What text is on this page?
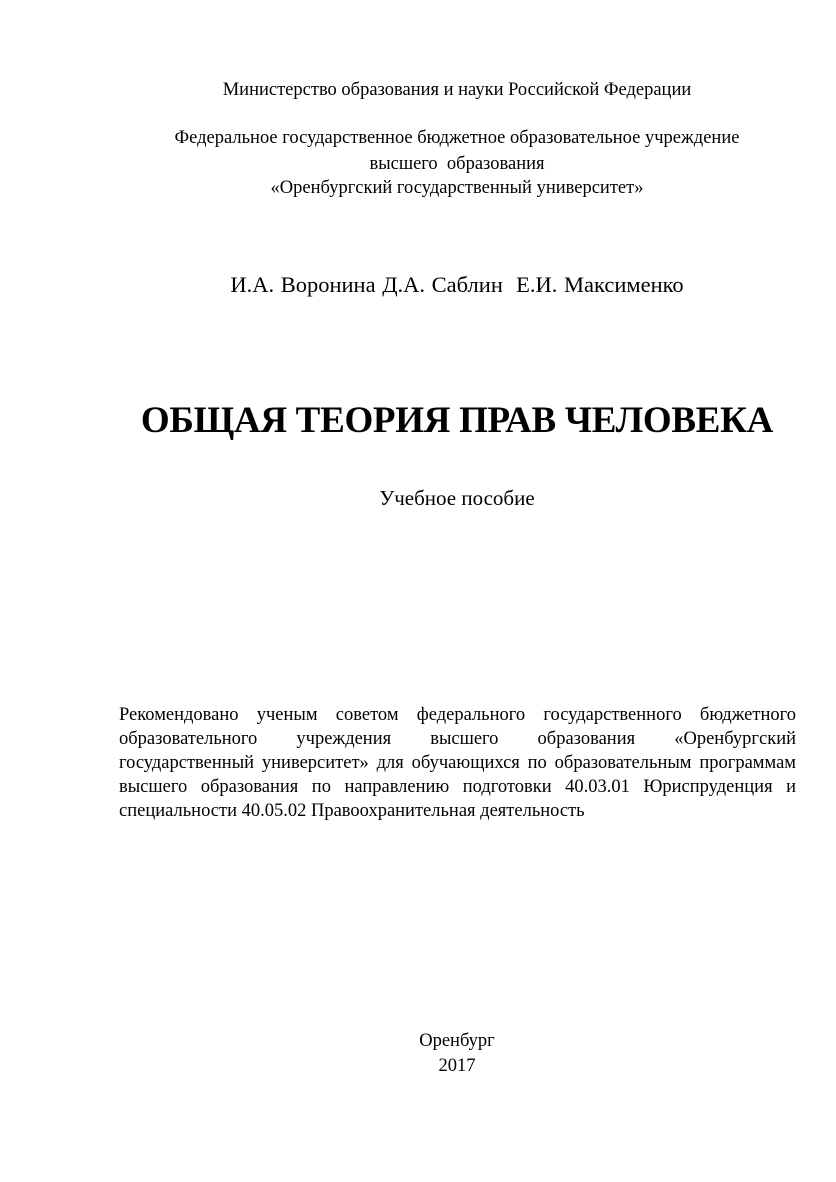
Министерство образования и науки Российской Федерации
Федеральное государственное бюджетное образовательное учреждение
высшего  образования
«Оренбургский государственный университет»
И.А. Воронина Д.А. Саблин  Е.И. Максименко
ОБЩАЯ ТЕОРИЯ ПРАВ ЧЕЛОВЕКА
Учебное пособие
Рекомендовано ученым советом федерального государственного бюджетного образовательного учреждения высшего образования «Оренбургский государственный университет» для обучающихся по образовательным программам высшего образования по направлению подготовки 40.03.01 Юриспруденция и специальности 40.05.02 Правоохранительная деятельность
Оренбург
2017
